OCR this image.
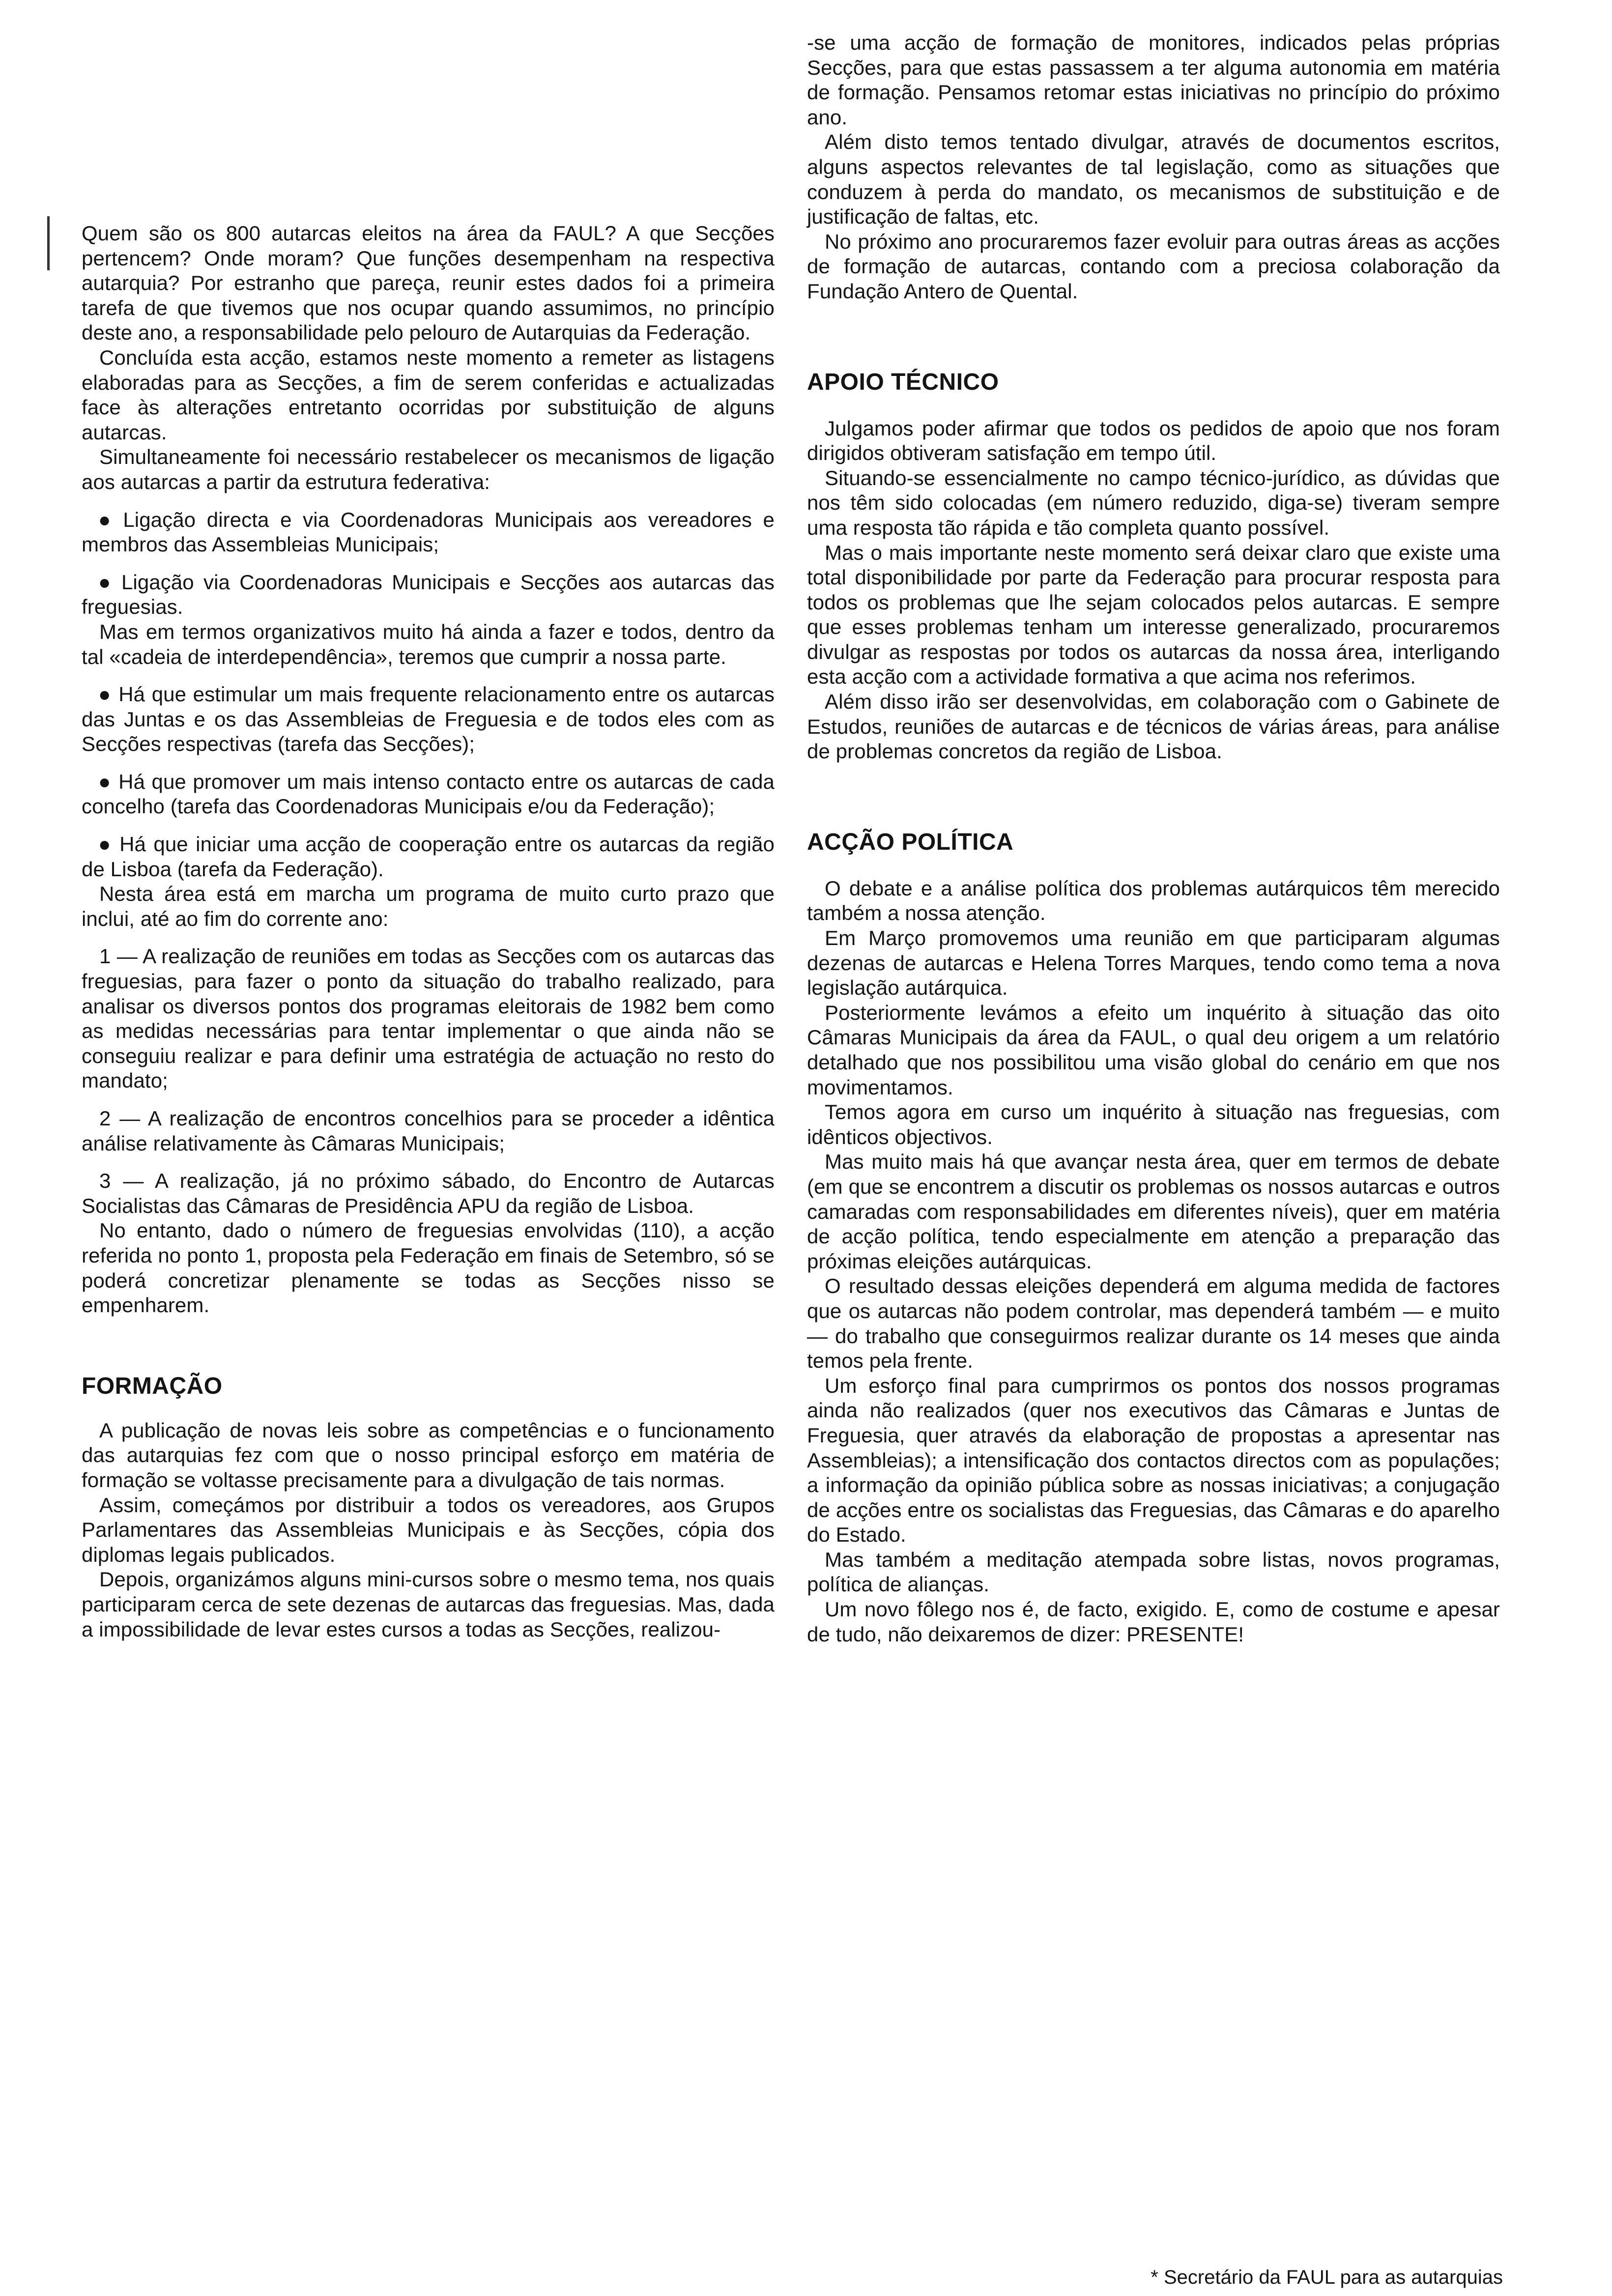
Quem são os 800 autarcas eleitos na área da FAUL? A que Secções pertencem? Onde moram? Que funções desempenham na respectiva autarquia? Por estranho que pareça, reunir estes dados foi a primeira tarefa de que tivemos que nos ocupar quando assumimos, no princípio deste ano, a responsabilidade pelo pelouro de Autarquias da Federação.

Concluída esta acção, estamos neste momento a remeter as listagens elaboradas para as Secções, a fim de serem conferidas e actualizadas face às alterações entretanto ocorridas por substituição de alguns autarcas.

Simultaneamente foi necessário restabelecer os mecanismos de ligação aos autarcas a partir da estrutura federativa:

● Ligação directa e via Coordenadoras Municipais aos vereadores e membros das Assembleias Municipais;

● Ligação via Coordenadoras Municipais e Secções aos autarcas das freguesias.

Mas em termos organizativos muito há ainda a fazer e todos, dentro da tal «cadeia de interdependência», teremos que cumprir a nossa parte.

● Há que estimular um mais frequente relacionamento entre os autarcas das Juntas e os das Assembleias de Freguesia e de todos eles com as Secções respectivas (tarefa das Secções);

● Há que promover um mais intenso contacto entre os autarcas de cada concelho (tarefa das Coordenadoras Municipais e/ou da Federação);

● Há que iniciar uma acção de cooperação entre os autarcas da região de Lisboa (tarefa da Federação).

Nesta área está em marcha um programa de muito curto prazo que inclui, até ao fim do corrente ano:

1 — A realização de reuniões em todas as Secções com os autarcas das freguesias, para fazer o ponto da situação do trabalho realizado, para analisar os diversos pontos dos programas eleitorais de 1982 bem como as medidas necessárias para tentar implementar o que ainda não se conseguiu realizar e para definir uma estratégia de actuação no resto do mandato;

2 — A realização de encontros concelhios para se proceder a idêntica análise relativamente às Câmaras Municipais;

3 — A realização, já no próximo sábado, do Encontro de Autarcas Socialistas das Câmaras de Presidência APU da região de Lisboa.

No entanto, dado o número de freguesias envolvidas (110), a acção referida no ponto 1, proposta pela Federação em finais de Setembro, só se poderá concretizar plenamente se todas as Secções nisso se empenharem.

FORMAÇÃO

A publicação de novas leis sobre as competências e o funcionamento das autarquias fez com que o nosso principal esforço em matéria de formação se voltasse precisamente para a divulgação de tais normas.

Assim, começámos por distribuir a todos os vereadores, aos Grupos Parlamentares das Assembleias Municipais e às Secções, cópia dos diplomas legais publicados.

Depois, organizámos alguns mini-cursos sobre o mesmo tema, nos quais participaram cerca de sete dezenas de autarcas das freguesias. Mas, dada a impossibilidade de levar estes cursos a todas as Secções, realizou-

-se uma acção de formação de monitores, indicados pelas próprias Secções, para que estas passassem a ter alguma autonomia em matéria de formação. Pensamos retomar estas iniciativas no princípio do próximo ano.

Além disto temos tentado divulgar, através de documentos escritos, alguns aspectos relevantes de tal legislação, como as situações que conduzem à perda do mandato, os mecanismos de substituição e de justificação de faltas, etc.

No próximo ano procuraremos fazer evoluir para outras áreas as acções de formação de autarcas, contando com a preciosa colaboração da Fundação Antero de Quental.

APOIO TÉCNICO

Julgamos poder afirmar que todos os pedidos de apoio que nos foram dirigidos obtiveram satisfação em tempo útil.

Situando-se essencialmente no campo técnico-jurídico, as dúvidas que nos têm sido colocadas (em número reduzido, diga-se) tiveram sempre uma resposta tão rápida e tão completa quanto possível.

Mas o mais importante neste momento será deixar claro que existe uma total disponibilidade por parte da Federação para procurar resposta para todos os problemas que lhe sejam colocados pelos autarcas. E sempre que esses problemas tenham um interesse generalizado, procuraremos divulgar as respostas por todos os autarcas da nossa área, interligando esta acção com a actividade formativa a que acima nos referimos.

Além disso irão ser desenvolvidas, em colaboração com o Gabinete de Estudos, reuniões de autarcas e de técnicos de várias áreas, para análise de problemas concretos da região de Lisboa.

ACÇÃO POLÍTICA

O debate e a análise política dos problemas autárquicos têm merecido também a nossa atenção.

Em Março promovemos uma reunião em que participaram algumas dezenas de autarcas e Helena Torres Marques, tendo como tema a nova legislação autárquica.

Posteriormente levámos a efeito um inquérito à situação das oito Câmaras Municipais da área da FAUL, o qual deu origem a um relatório detalhado que nos possibilitou uma visão global do cenário em que nos movimentamos.

Temos agora em curso um inquérito à situação nas freguesias, com idênticos objectivos.

Mas muito mais há que avançar nesta área, quer em termos de debate (em que se encontrem a discutir os problemas os nossos autarcas e outros camaradas com responsabilidades em diferentes níveis), quer em matéria de acção política, tendo especialmente em atenção a preparação das próximas eleições autárquicas.

O resultado dessas eleições dependerá em alguma medida de factores que os autarcas não podem controlar, mas dependerá também — e muito — do trabalho que conseguirmos realizar durante os 14 meses que ainda temos pela frente.

Um esforço final para cumprirmos os pontos dos nossos programas ainda não realizados (quer nos executivos das Câmaras e Juntas de Freguesia, quer através da elaboração de propostas a apresentar nas Assembleias); a intensificação dos contactos directos com as populações; a informação da opinião pública sobre as nossas iniciativas; a conjugação de acções entre os socialistas das Freguesias, das Câmaras e do aparelho do Estado.

Mas também a meditação atempada sobre listas, novos programas, política de alianças.

Um novo fôlego nos é, de facto, exigido. E, como de costume e apesar de tudo, não deixaremos de dizer: PRESENTE!

* Secretário da FAUL para as autarquias
